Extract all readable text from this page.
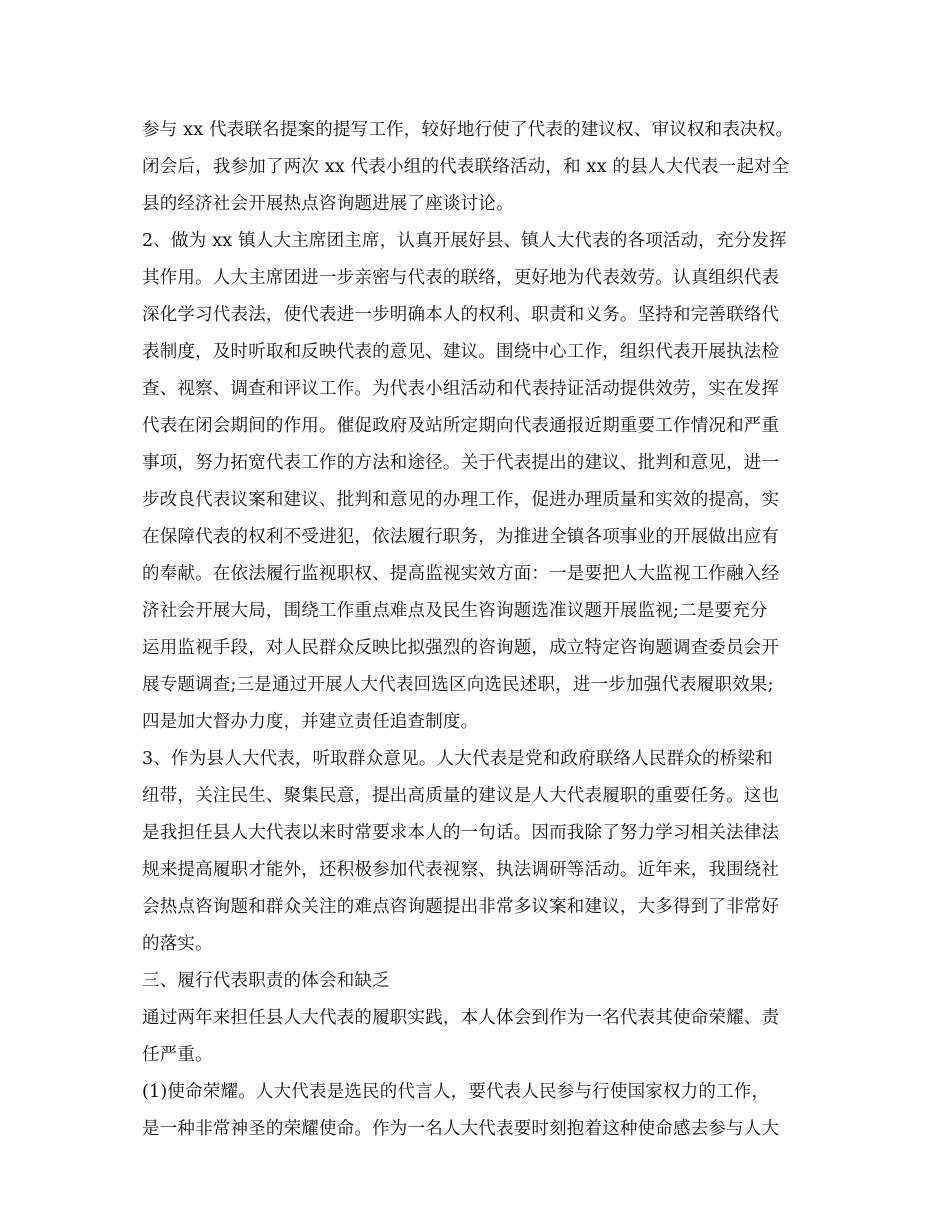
参与 xx 代表联名提案的提写工作，较好地行使了代表的建议权、审议权和表决权。
闭会后，我参加了两次 xx 代表小组的代表联络活动，和 xx 的县人大代表一起对全
县的经济社会开展热点咨询题进展了座谈讨论。
2、做为 xx 镇人大主席团主席，认真开展好县、镇人大代表的各项活动，充分发挥
其作用。人大主席团进一步亲密与代表的联络，更好地为代表效劳。认真组织代表
深化学习代表法，使代表进一步明确本人的权利、职责和义务。坚持和完善联络代
表制度，及时听取和反映代表的意见、建议。围绕中心工作，组织代表开展执法检
查、视察、调查和评议工作。为代表小组活动和代表持证活动提供效劳，实在发挥
代表在闭会期间的作用。催促政府及站所定期向代表通报近期重要工作情况和严重
事项，努力拓宽代表工作的方法和途径。关于代表提出的建议、批判和意见，进一
步改良代表议案和建议、批判和意见的办理工作，促进办理质量和实效的提高，实
在保障代表的权利不受进犯，依法履行职务，为推进全镇各项事业的开展做出应有
的奉献。在依法履行监视职权、提高监视实效方面：一是要把人大监视工作融入经
济社会开展大局，围绕工作重点难点及民生咨询题选准议题开展监视;二是要充分
运用监视手段，对人民群众反映比拟强烈的咨询题，成立特定咨询题调查委员会开
展专题调查;三是通过开展人大代表回选区向选民述职，进一步加强代表履职效果;
四是加大督办力度，并建立责任追查制度。
3、作为县人大代表，听取群众意见。人大代表是党和政府联络人民群众的桥梁和
纽带，关注民生、聚集民意，提出高质量的建议是人大代表履职的重要任务。这也
是我担任县人大代表以来时常要求本人的一句话。因而我除了努力学习相关法律法
规来提高履职才能外，还积极参加代表视察、执法调研等活动。近年来，我围绕社
会热点咨询题和群众关注的难点咨询题提出非常多议案和建议，大多得到了非常好
的落实。
三、履行代表职责的体会和缺乏
通过两年来担任县人大代表的履职实践，本人体会到作为一名代表其使命荣耀、责
任严重。
(1)使命荣耀。人大代表是选民的代言人，要代表人民参与行使国家权力的工作，
是一种非常神圣的荣耀使命。作为一名人大代表要时刻抱着这种使命感去参与人大
